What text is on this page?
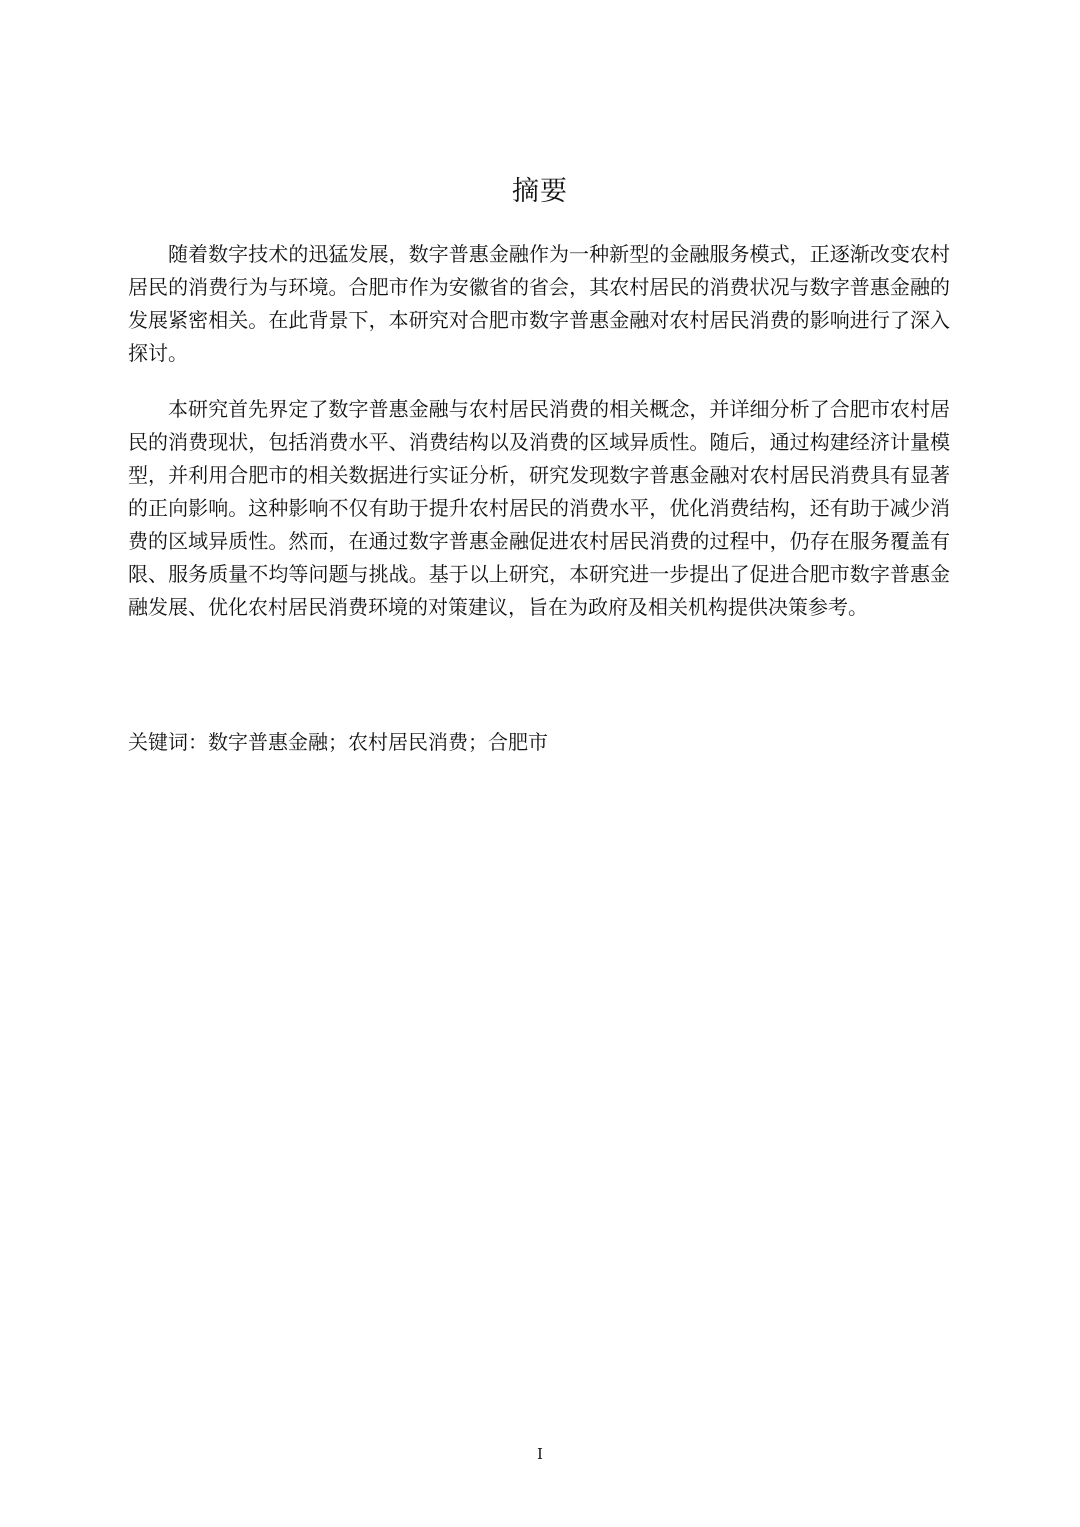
摘要

随着数字技术的迅猛发展，数字普惠金融作为一种新型的金融服务模式，正逐渐改变农村居民的消费行为与环境。合肥市作为安徽省的省会，其农村居民的消费状况与数字普惠金融的发展紧密相关。在此背景下，本研究对合肥市数字普惠金融对农村居民消费的影响进行了深入探讨。

本研究首先界定了数字普惠金融与农村居民消费的相关概念，并详细分析了合肥市农村居民的消费现状，包括消费水平、消费结构以及消费的区域异质性。随后，通过构建经济计量模型，并利用合肥市的相关数据进行实证分析，研究发现数字普惠金融对农村居民消费具有显著的正向影响。这种影响不仅有助于提升农村居民的消费水平，优化消费结构，还有助于减少消费的区域异质性。然而，在通过数字普惠金融促进农村居民消费的过程中，仍存在服务覆盖有限、服务质量不均等问题与挑战。基于以上研究，本研究进一步提出了促进合肥市数字普惠金融发展、优化农村居民消费环境的对策建议，旨在为政府及相关机构提供决策参考。

关键词：数字普惠金融；农村居民消费；合肥市

I
